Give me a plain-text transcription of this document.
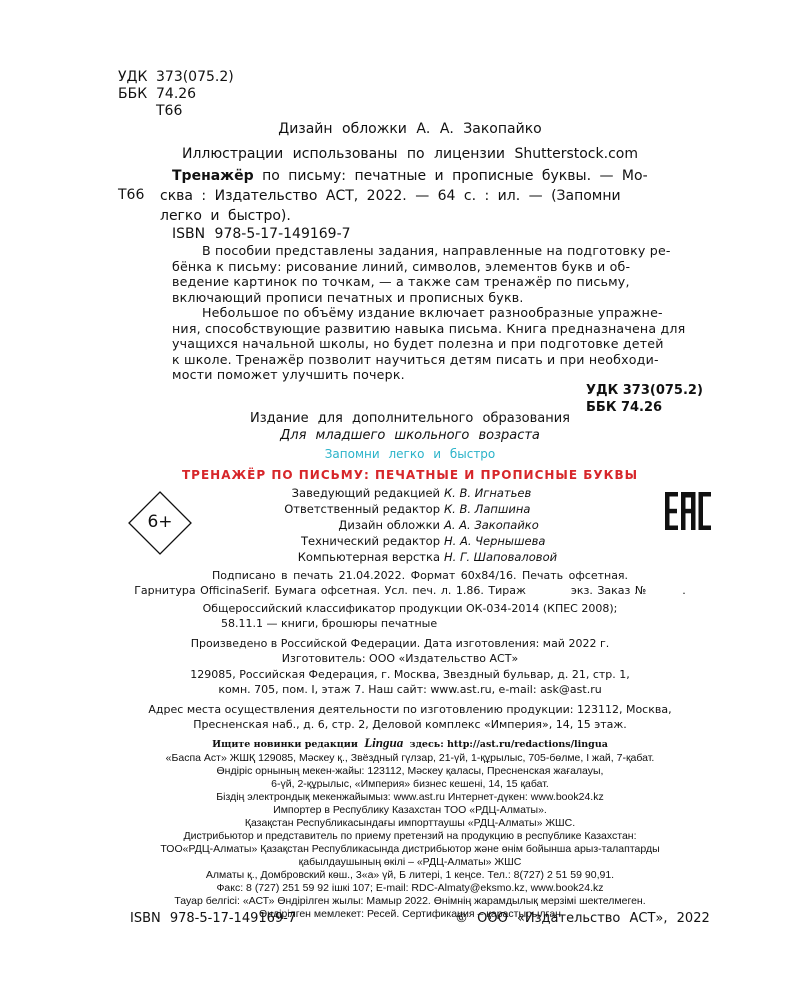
УДК 373(075.2)
ББК 74.26
Т66
Дизайн обложки А. А. Закопайко
Иллюстрации использованы по лицензии Shutterstock.com
Т66
Тренажёр по письму: печатные и прописные буквы. — Мо-
сква : Издательство АСТ, 2022. — 64 с. : ил. — (Запомни
легко и быстро).
ISBN 978-5-17-149169-7
В пособии представлены задания, направленные на подготовку ре-
бёнка к письму: рисование линий, символов, элементов букв и об-
ведение картинок по точкам, — а также сам тренажёр по письму,
включающий прописи печатных и прописных букв.
Небольшое по объёму издание включает разнообразные упражне-
ния, способствующие развитию навыка письма. Книга предназначена для
учащихся начальной школы, но будет полезна и при подготовке детей
к школе. Тренажёр позволит научиться детям писать и при необходи-
мости поможет улучшить почерк.
УДК 373(075.2)
ББК 74.26
Издание для дополнительного образования
Для младшего школьного возраста
Запомни легко и быстро
ТРЕНАЖЁР ПО ПИСЬМУ: ПЕЧАТНЫЕ И ПРОПИСНЫЕ БУКВЫ
6+
Заведующий редакцией К. В. Игнатьев
Ответственный редактор К. В. Лапшина
Дизайн обложки А. А. Закопайко
Технический редактор Н. А. Чернышева
Компьютерная верстка Н. Г. Шаповаловой
Подписано в печать 21.04.2022. Формат 60x84/16. Печать офсетная.
Гарнитура OfficinaSerif. Бумага офсетная. Усл. печ. л. 1.86. Тираж          экз. Заказ №        .
Общероссийский классификатор продукции ОК-034-2014 (КПЕС 2008);
58.11.1 — книги, брошюры печатные
Произведено в Российской Федерации. Дата изготовления: май 2022 г.
Изготовитель: ООО «Издательство АСТ»
129085, Российская Федерация, г. Москва, Звездный бульвар, д. 21, стр. 1,
комн. 705, пом. I, этаж 7. Наш сайт: www.ast.ru, e-mail: ask@ast.ru
Адрес места осуществления деятельности по изготовлению продукции: 123112, Москва,
Пресненская наб., д. 6, стр. 2, Деловой комплекс «Империя», 14, 15 этаж.
Ищите новинки редакции Lingua здесь: http://ast.ru/redactions/lingua
«Баспа Аст» ЖШҚ 129085, Мәскеу қ., Звёздный гүлзар, 21-үй, 1-құрылыс, 705-бөлме, I жай, 7-қабат.
Өндіріс орнының мекен-жайы: 123112, Мәскеу қаласы, Пресненская жағалауы,
6-үй, 2-құрылыс, «Империя» бизнес кешені, 14, 15 қабат.
Біздің электрондық мекенжайымыз: www.ast.ru Интернет-дүкен: www.book24.kz
Импортер в Республику Казахстан ТОО «РДЦ-Алматы».
Қазақстан Республикасындағы импорттаушы «РДЦ-Алматы» ЖШС.
Дистрибьютор и представитель по приему претензий на продукцию в республике Казахстан:
ТОО«РДЦ-Алматы» Қазақстан Республикасында дистрибьютор және өнім бойынша арыз-талаптарды
қабылдаушының өкілі – «РДЦ-Алматы» ЖШС
Алматы қ., Домбровский көш., 3«а» үй, Б литері, 1 кеңсе. Тел.: 8(727) 2 51 59 90,91.
Факс: 8 (727) 251 59 92 ішкі 107; E-mail: RDC-Almaty@eksmo.kz, www.book24.kz
Тауар белгісі: «АСТ» Өндірілген жылы: Мамыр 2022. Өнімнің жарамдылық мерзімі шектелмеген.
Өндірілген мемлекет: Ресей. Сертификация – қарастырылған
ISBN 978-5-17-149169-7	© ООО «Издательство АСТ», 2022
